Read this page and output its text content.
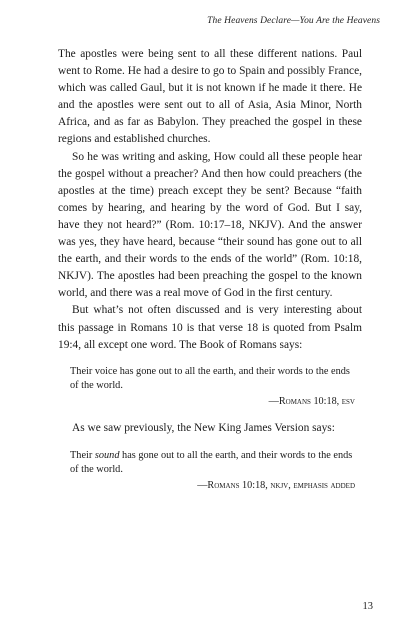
The Heavens Declare—You Are the Heavens

The apostles were being sent to all these different nations. Paul went to Rome. He had a desire to go to Spain and possibly France, which was called Gaul, but it is not known if he made it there. He and the apostles were sent out to all of Asia, Asia Minor, North Africa, and as far as Babylon. They preached the gospel in these regions and established churches.

So he was writing and asking, How could all these people hear the gospel without a preacher? And then how could preachers (the apostles at the time) preach except they be sent? Because “faith comes by hearing, and hearing by the word of God. But I say, have they not heard?” (Rom. 10:17–18, NKJV). And the answer was yes, they have heard, because “their sound has gone out to all the earth, and their words to the ends of the world” (Rom. 10:18, NKJV). The apostles had been preaching the gospel to the known world, and there was a real move of God in the first century.

But what’s not often discussed and is very interesting about this passage in Romans 10 is that verse 18 is quoted from Psalm 19:4, all except one word. The Book of Romans says:

Their voice has gone out to all the earth, and their words to the ends of the world.

—Romans 10:18, esv

As we saw previously, the New King James Version says:

Their sound has gone out to all the earth, and their words to the ends of the world.

—Romans 10:18, nkjv, emphasis added

13
